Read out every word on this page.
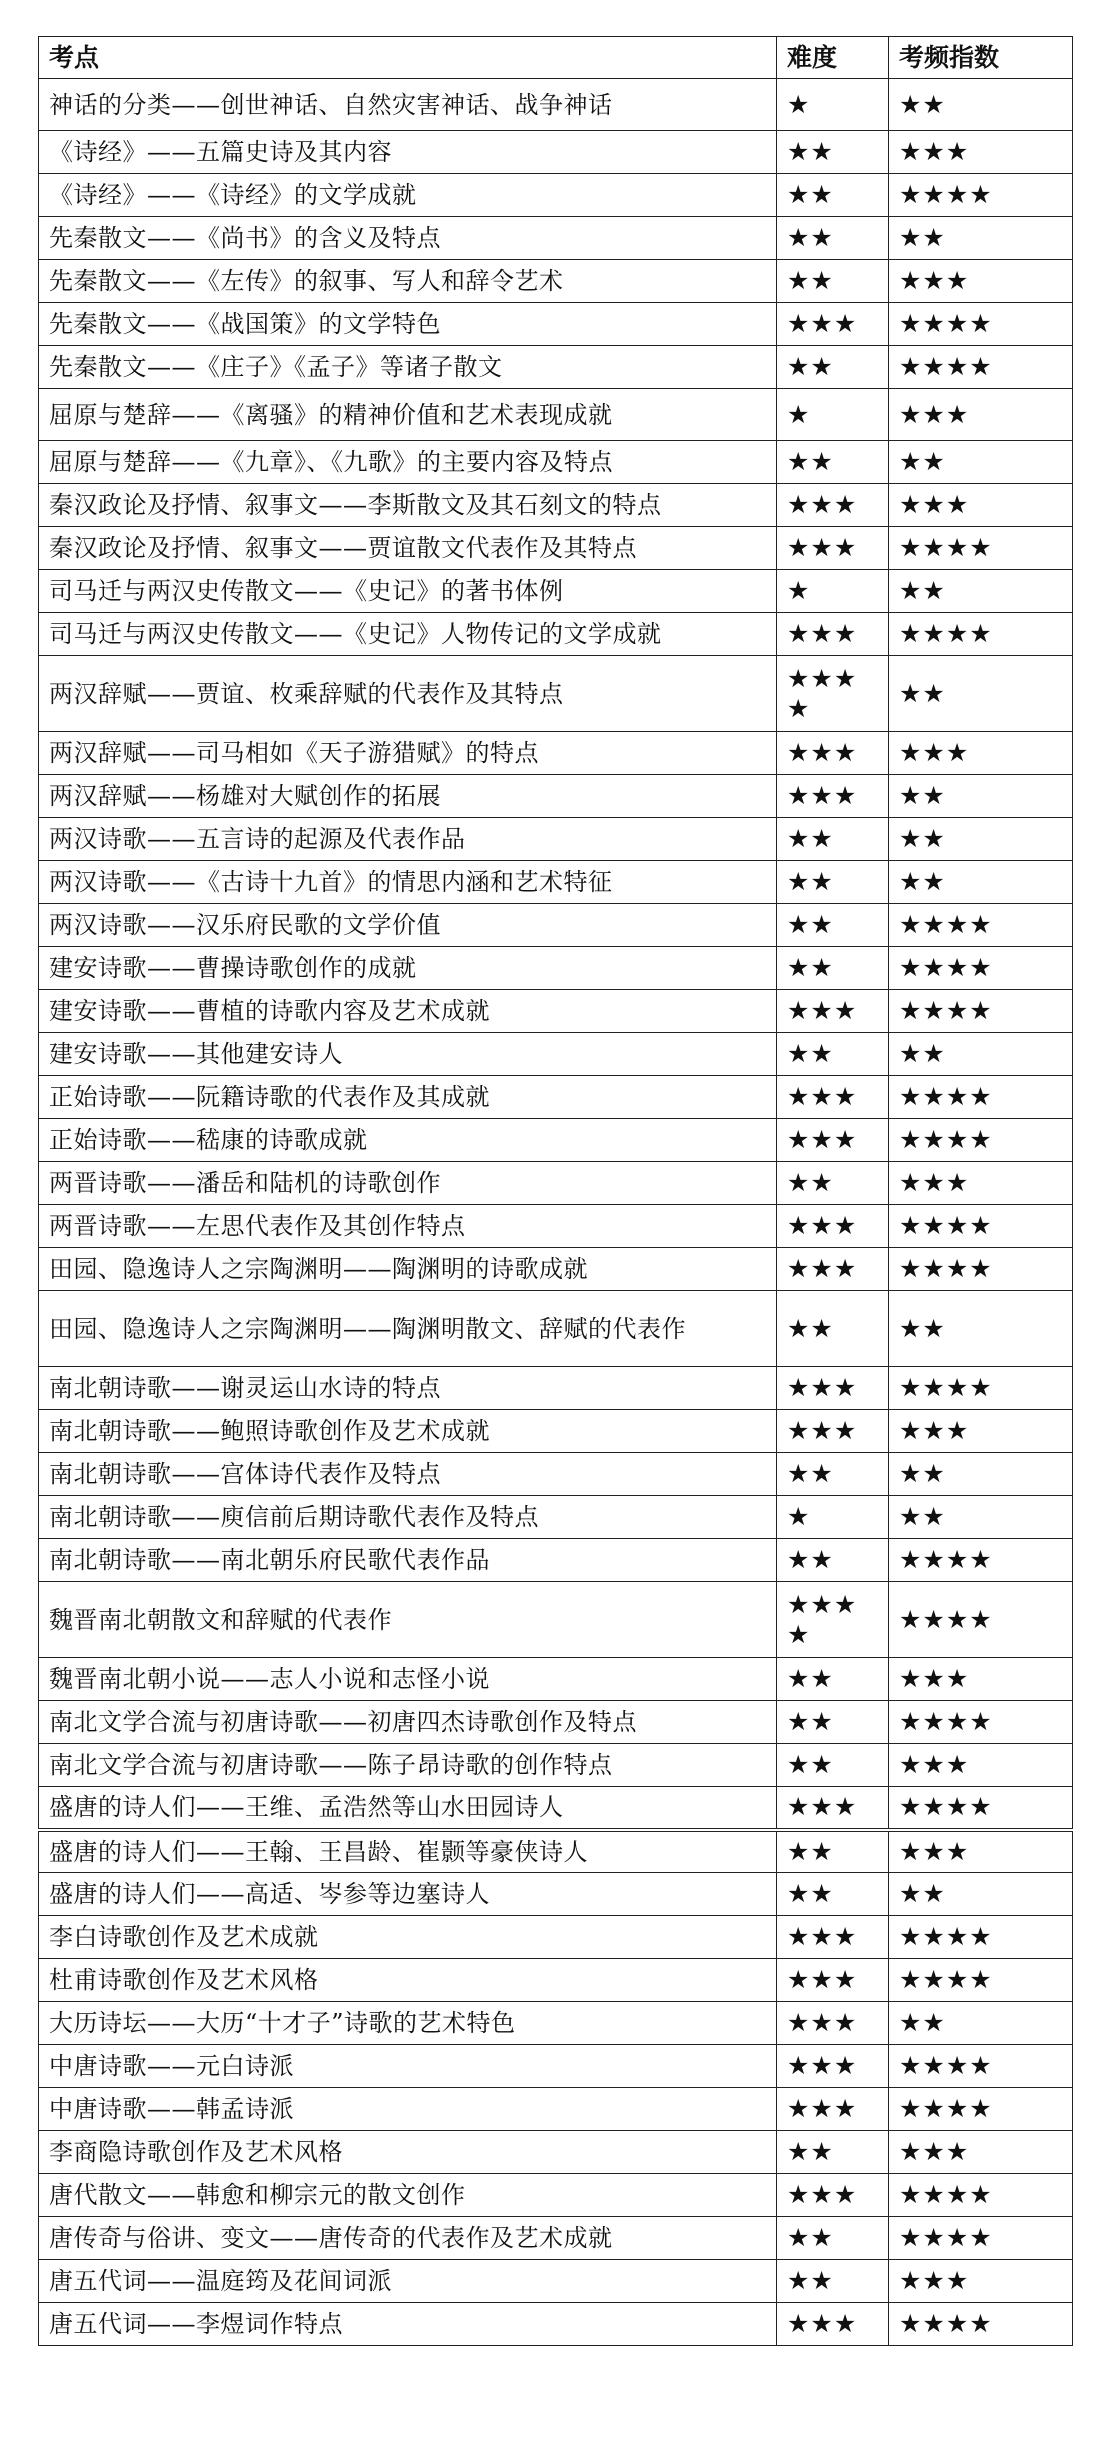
考点	难度	考频指数
神话的分类——创世神话、自然灾害神话、战争神话	★	★★
《诗经》——五篇史诗及其内容	★★	★★★
《诗经》——《诗经》的文学成就	★★	★★★★
先秦散文——《尚书》的含义及特点	★★	★★
先秦散文——《左传》的叙事、写人和辞令艺术	★★	★★★
先秦散文——《战国策》的文学特色	★★★	★★★★
先秦散文——《庄子》《孟子》等诸子散文	★★	★★★★
屈原与楚辞——《离骚》的精神价值和艺术表现成就	★	★★★
屈原与楚辞——《九章》、《九歌》的主要内容及特点	★★	★★
秦汉政论及抒情、叙事文——李斯散文及其石刻文的特点	★★★	★★★
秦汉政论及抒情、叙事文——贾谊散文代表作及其特点	★★★	★★★★
司马迁与两汉史传散文——《史记》的著书体例	★	★★
司马迁与两汉史传散文——《史记》人物传记的文学成就	★★★	★★★★
两汉辞赋——贾谊、枚乘辞赋的代表作及其特点	★★★★	★★
两汉辞赋——司马相如《天子游猎赋》的特点	★★★	★★★
两汉辞赋——杨雄对大赋创作的拓展	★★★	★★
两汉诗歌——五言诗的起源及代表作品	★★	★★
两汉诗歌——《古诗十九首》的情思内涵和艺术特征	★★	★★
两汉诗歌——汉乐府民歌的文学价值	★★	★★★★
建安诗歌——曹操诗歌创作的成就	★★	★★★★
建安诗歌——曹植的诗歌内容及艺术成就	★★★	★★★★
建安诗歌——其他建安诗人	★★	★★
正始诗歌——阮籍诗歌的代表作及其成就	★★★	★★★★
正始诗歌——嵇康的诗歌成就	★★★	★★★★
两晋诗歌——潘岳和陆机的诗歌创作	★★	★★★
两晋诗歌——左思代表作及其创作特点	★★★	★★★★
田园、隐逸诗人之宗陶渊明——陶渊明的诗歌成就	★★★	★★★★
田园、隐逸诗人之宗陶渊明——陶渊明散文、辞赋的代表作	★★	★★
南北朝诗歌——谢灵运山水诗的特点	★★★	★★★★
南北朝诗歌——鲍照诗歌创作及艺术成就	★★★	★★★
南北朝诗歌——宫体诗代表作及特点	★★	★★
南北朝诗歌——庾信前后期诗歌代表作及特点	★	★★
南北朝诗歌——南北朝乐府民歌代表作品	★★	★★★★
魏晋南北朝散文和辞赋的代表作	★★★★	★★★★
魏晋南北朝小说——志人小说和志怪小说	★★	★★★
南北文学合流与初唐诗歌——初唐四杰诗歌创作及特点	★★	★★★★
南北文学合流与初唐诗歌——陈子昂诗歌的创作特点	★★	★★★
盛唐的诗人们——王维、孟浩然等山水田园诗人	★★★	★★★★
盛唐的诗人们——王翰、王昌龄、崔颢等豪侠诗人	★★	★★★
盛唐的诗人们——高适、岑参等边塞诗人	★★	★★
李白诗歌创作及艺术成就	★★★	★★★★
杜甫诗歌创作及艺术风格	★★★	★★★★
大历诗坛——大历“十才子”诗歌的艺术特色	★★★	★★
中唐诗歌——元白诗派	★★★	★★★★
中唐诗歌——韩孟诗派	★★★	★★★★
李商隐诗歌创作及艺术风格	★★	★★★
唐代散文——韩愈和柳宗元的散文创作	★★★	★★★★
唐传奇与俗讲、变文——唐传奇的代表作及艺术成就	★★	★★★★
唐五代词——温庭筠及花间词派	★★	★★★
唐五代词——李煜词作特点	★★★	★★★★
